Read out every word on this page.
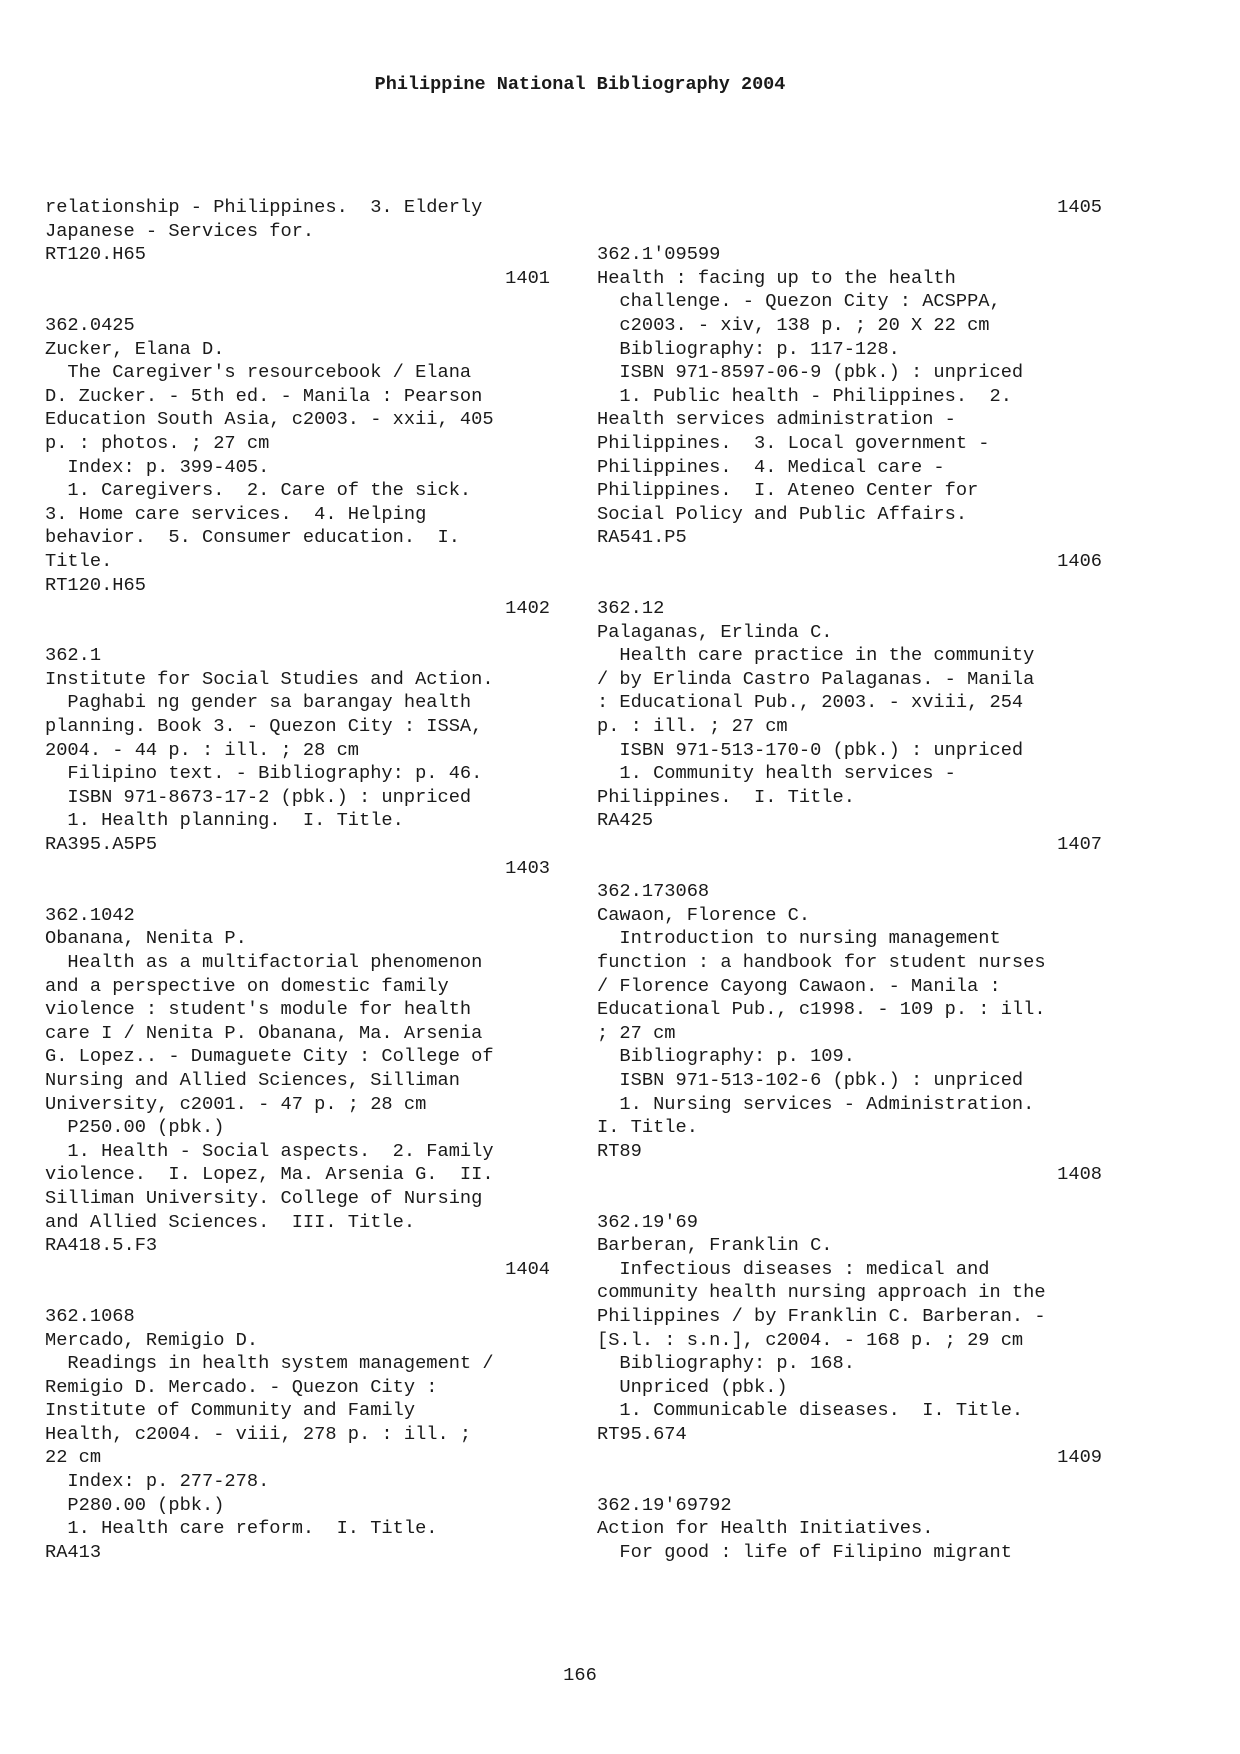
Philippine National Bibliography 2004
relationship - Philippines.  3. Elderly
Japanese - Services for.
RT120.H65
1401
362.0425
Zucker, Elana D.
The Caregiver's resourcebook / Elana
D. Zucker. - 5th ed. - Manila : Pearson
Education South Asia, c2003. - xxii, 405
p. : photos. ; 27 cm
Index: p. 399-405.
1. Caregivers.  2. Care of the sick.
3. Home care services.  4. Helping
behavior.  5. Consumer education.  I.
Title.
RT120.H65
1402
362.1
Institute for Social Studies and Action.
Paghabi ng gender sa barangay health
planning. Book 3. - Quezon City : ISSA,
2004. - 44 p. : ill. ; 28 cm
Filipino text. - Bibliography: p. 46.
ISBN 971-8673-17-2 (pbk.) : unpriced
1. Health planning.  I. Title.
RA395.A5P5
1403
362.1042
Obanana, Nenita P.
Health as a multifactorial phenomenon
and a perspective on domestic family
violence : student's module for health
care I / Nenita P. Obanana, Ma. Arsenia
G. Lopez.. - Dumaguete City : College of
Nursing and Allied Sciences, Silliman
University, c2001. - 47 p. ; 28 cm
P250.00 (pbk.)
1. Health - Social aspects.  2. Family
violence.  I. Lopez, Ma. Arsenia G.  II.
Silliman University. College of Nursing
and Allied Sciences.  III. Title.
RA418.5.F3
1404
362.1068
Mercado, Remigio D.
Readings in health system management /
Remigio D. Mercado. - Quezon City :
Institute of Community and Family
Health, c2004. - viii, 278 p. : ill. ;
22 cm
Index: p. 277-278.
P280.00 (pbk.)
1. Health care reform.  I. Title.
RA413
1405
362.1'09599
Health : facing up to the health
challenge. - Quezon City : ACSPPA,
c2003. - xiv, 138 p. ; 20 X 22 cm
Bibliography: p. 117-128.
ISBN 971-8597-06-9 (pbk.) : unpriced
1. Public health - Philippines.  2.
Health services administration -
Philippines.  3. Local government -
Philippines.  4. Medical care -
Philippines.  I. Ateneo Center for
Social Policy and Public Affairs.
RA541.P5
1406
362.12
Palaganas, Erlinda C.
Health care practice in the community
/ by Erlinda Castro Palaganas. - Manila
: Educational Pub., 2003. - xviii, 254
p. : ill. ; 27 cm
ISBN 971-513-170-0 (pbk.) : unpriced
1. Community health services -
Philippines.  I. Title.
RA425
1407
362.173068
Cawaon, Florence C.
Introduction to nursing management
function : a handbook for student nurses
/ Florence Cayong Cawaon. - Manila :
Educational Pub., c1998. - 109 p. : ill.
; 27 cm
Bibliography: p. 109.
ISBN 971-513-102-6 (pbk.) : unpriced
1. Nursing services - Administration.
I. Title.
RT89
1408
362.19'69
Barberan, Franklin C.
Infectious diseases : medical and
community health nursing approach in the
Philippines / by Franklin C. Barberan. -
[S.l. : s.n.], c2004. - 168 p. ; 29 cm
Bibliography: p. 168.
Unpriced (pbk.)
1. Communicable diseases.  I. Title.
RT95.674
1409
362.19'69792
Action for Health Initiatives.
For good : life of Filipino migrant
166
